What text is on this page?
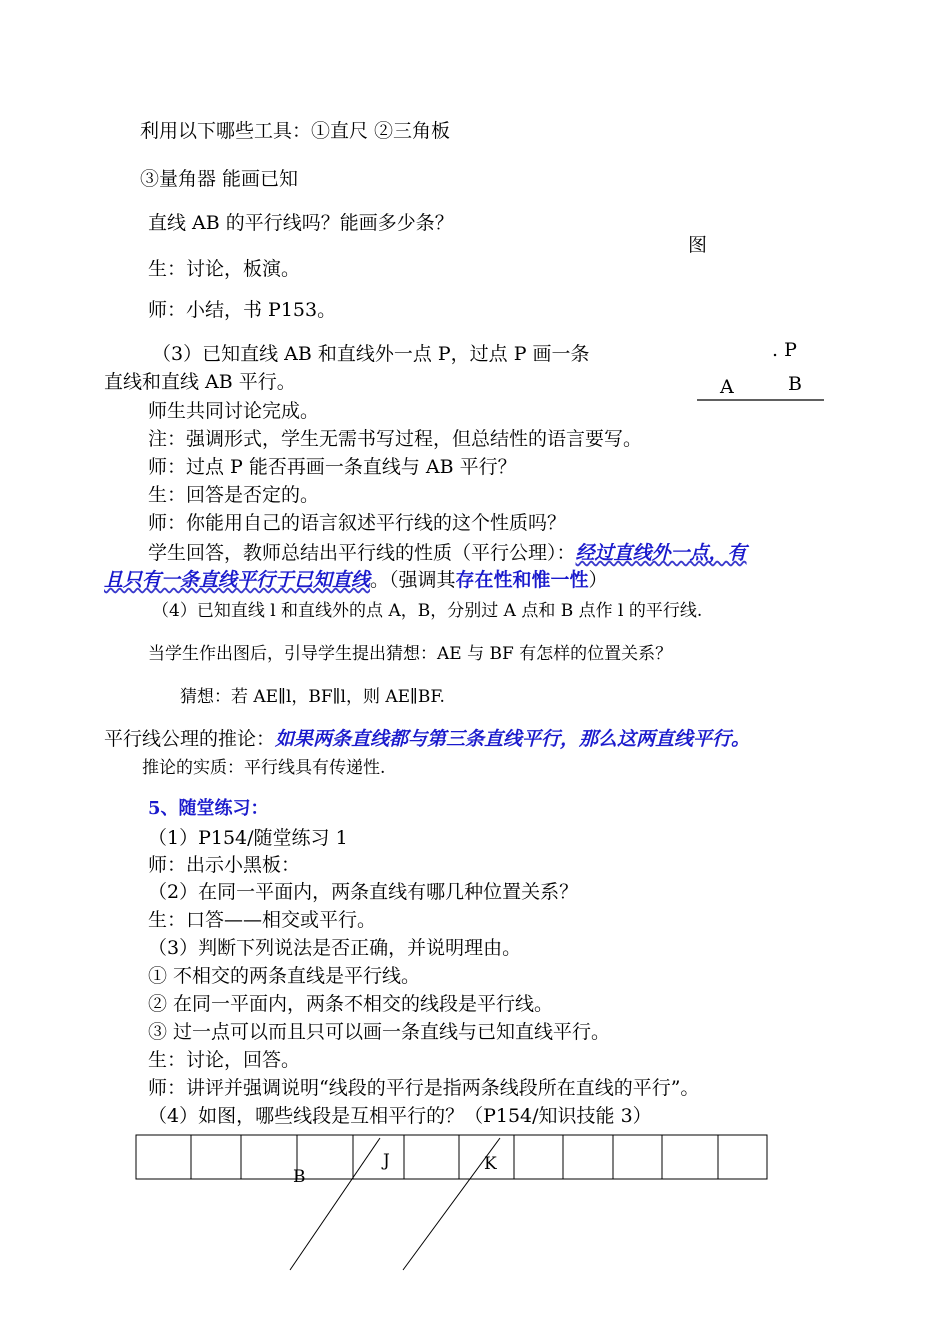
利用以下哪些工具：①直尺 ②三角板
③量角器 能画已知
直线 AB 的平行线吗？能画多少条？
生：讨论，板演。
师：小结，书 P153。
图
（3）已知直线 AB 和直线外一点 P，过点 P 画一条
直线和直线 AB 平行。
. P
A	B
师生共同讨论完成。
注：强调形式，学生无需书写过程，但总结性的语言要写。
师：过点 P 能否再画一条直线与 AB 平行？
生：回答是否定的。
师：你能用自己的语言叙述平行线的这个性质吗？
学生回答，教师总结出平行线的性质（平行公理）：经过直线外一点，有
且只有一条直线平行于已知直线。（强调其存在性和惟一性）
（4）已知直线 l 和直线外的点 A，B，分别过 A 点和 B 点作 l 的平行线.
当学生作出图后，引导学生提出猜想：AE 与 BF 有怎样的位置关系？
猜想：若 AE∥l，BF∥l，则 AE∥BF.
平行线公理的推论：如果两条直线都与第三条直线平行，那么这两直线平行。
推论的实质：平行线具有传递性.
5、随堂练习：
（1）P154/随堂练习 1
师：出示小黑板：
（2）在同一平面内，两条直线有哪几种位置关系？
生：口答——相交或平行。
（3）判断下列说法是否正确，并说明理由。
① 不相交的两条直线是平行线。
② 在同一平面内，两条不相交的线段是平行线。
③ 过一点可以而且只可以画一条直线与已知直线平行。
生：讨论，回答。
师：讲评并强调说明“线段的平行是指两条线段所在直线的平行”。
（4）如图，哪些线段是互相平行的？（P154/知识技能 3）
B
J	K
